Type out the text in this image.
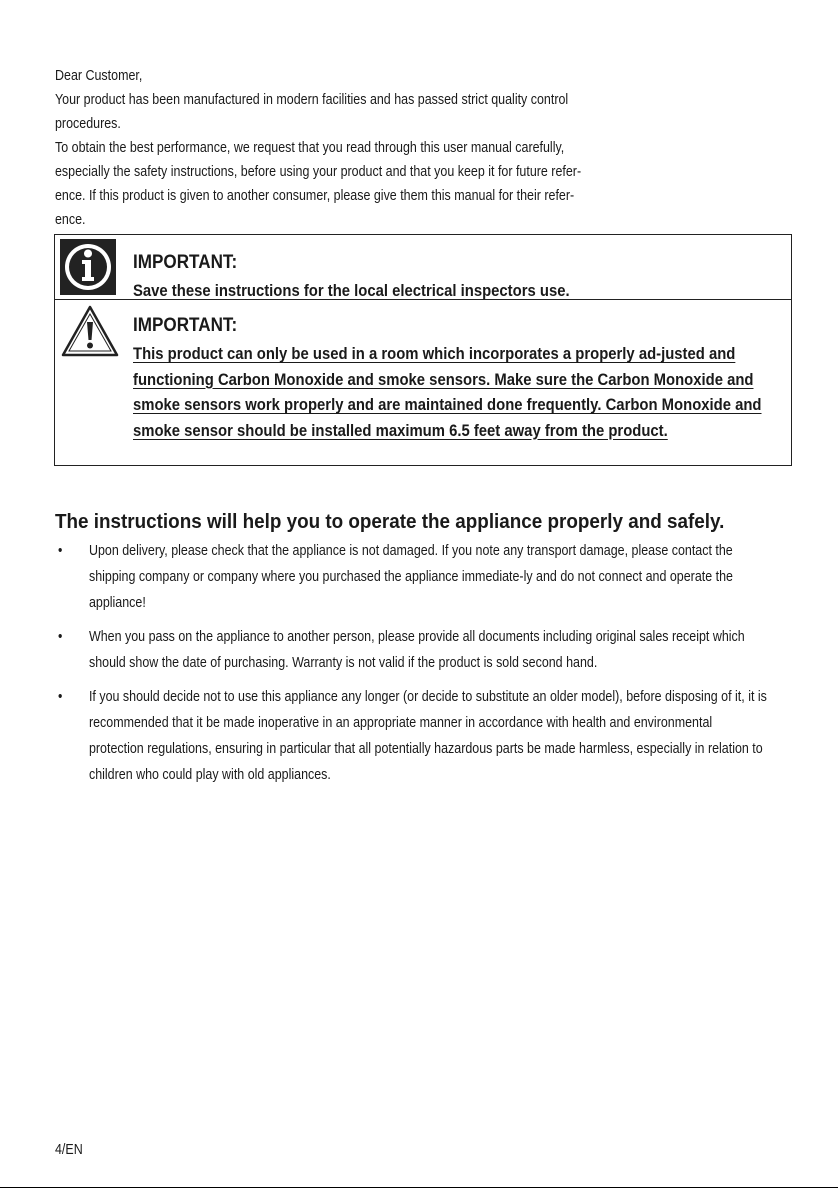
Dear Customer,

Your product has been manufactured in modern facilities and has passed strict quality control

procedures.

To obtain the best performance, we request that you read through this user manual carefully,

especially the safety instructions, before using your product and that you keep it for future refer-

ence. If this product is given to another consumer, please give them this manual for their refer-

ence.

IMPORTANT:
Save these instructions for the local electrical inspectors use.
IMPORTANT:
This product can only be used in a room which incorporates a properly ad-justed and functioning Carbon Monoxide and smoke sensors. Make sure the Carbon Monoxide and smoke sensors work properly and are maintained done frequently. Carbon Monoxide and smoke sensor should be installed maximum 6.5 feet away from the product.
The instructions will help you to operate the appliance properly and safely.
• Upon delivery, please check that the appliance is not damaged. If you note any transport damage, please contact the shipping company or company where you purchased the appliance immediate-ly and do not connect and operate the appliance!
• When you pass on the appliance to another person, please provide all documents including original sales receipt which should show the date of purchasing. Warranty is not valid if the product is sold second hand.
• If you should decide not to use this appliance any longer (or decide to substitute an older model), before disposing of it, it is recommended that it be made inoperative in an appropriate manner in accordance with health and environmental protection regulations, ensuring in particular that all potentially hazardous parts be made harmless, especially in relation to children who could play with old appliances.
4/EN
